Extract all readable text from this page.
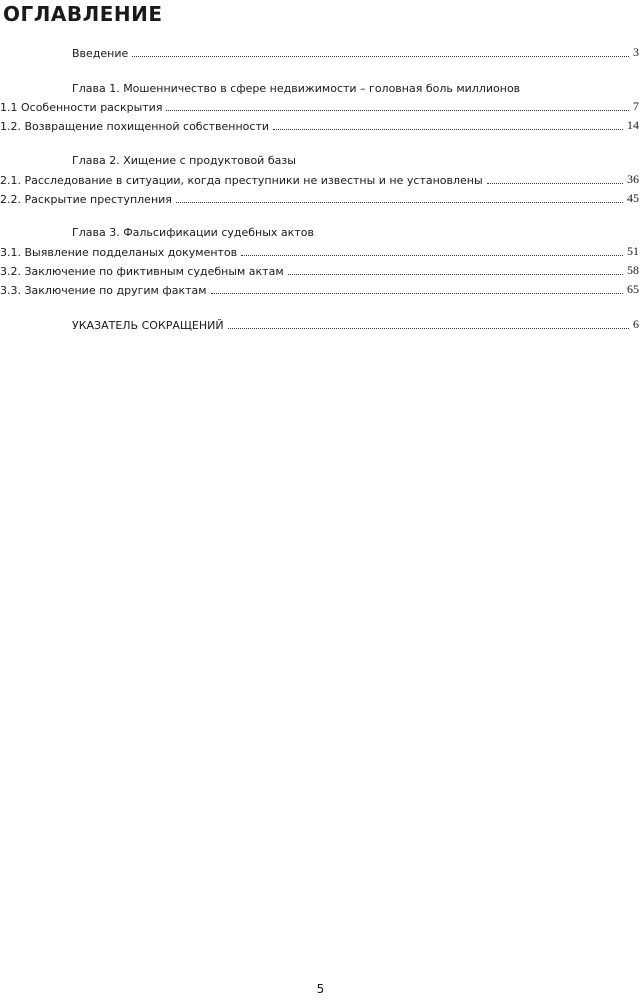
ОГЛАВЛЕНИЕ
Введение	3
Глава 1. Мошенничество в сфере недвижимости – головная боль миллионов
1.1 Особенности раскрытия	7
1.2. Возвращение похищенной собственности	14
Глава 2. Хищение с продуктовой базы
2.1. Расследование в ситуации, когда преступники не известны и не установлены	36
2.2. Раскрытие преступления	45
Глава 3. Фальсификации судебных актов
3.1. Выявление подделаных документов	51
3.2. Заключение по фиктивным судебным актам	58
3.3. Заключение по другим фактам	65
УКАЗАТЕЛЬ СОКРАЩЕНИЙ	6
5
